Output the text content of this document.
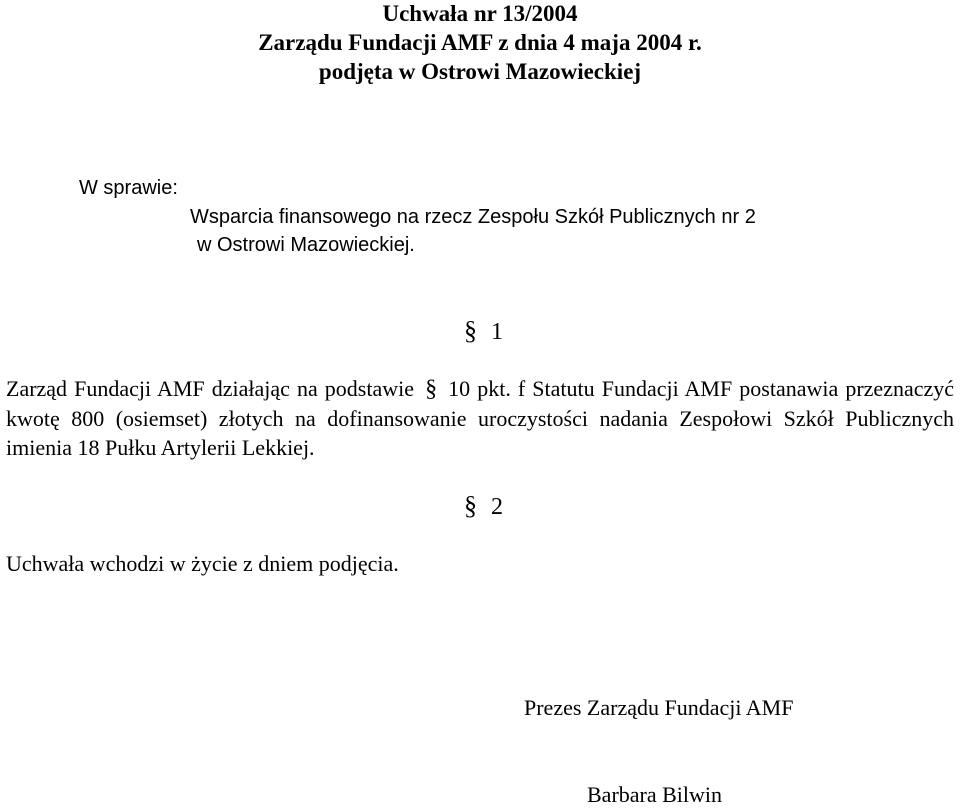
Uchwała nr 13/2004
Zarządu Fundacji AMF z dnia 4 maja 2004 r.
podjęta w Ostrowi Mazowieckiej
W sprawie:
Wsparcia finansowego na rzecz Zespołu Szkół Publicznych nr 2
w Ostrowi Mazowieckiej.
§ 1
Zarząd Fundacji AMF działając na podstawie § 10 pkt. f Statutu Fundacji AMF postanawia przeznaczyć kwotę 800 (osiemset) złotych na dofinansowanie uroczystości nadania Zespołowi Szkół Publicznych imienia 18 Pułku Artylerii Lekkiej.
§ 2
Uchwała wchodzi w życie z dniem podjęcia.
Prezes Zarządu Fundacji AMF
Barbara Bilwin
